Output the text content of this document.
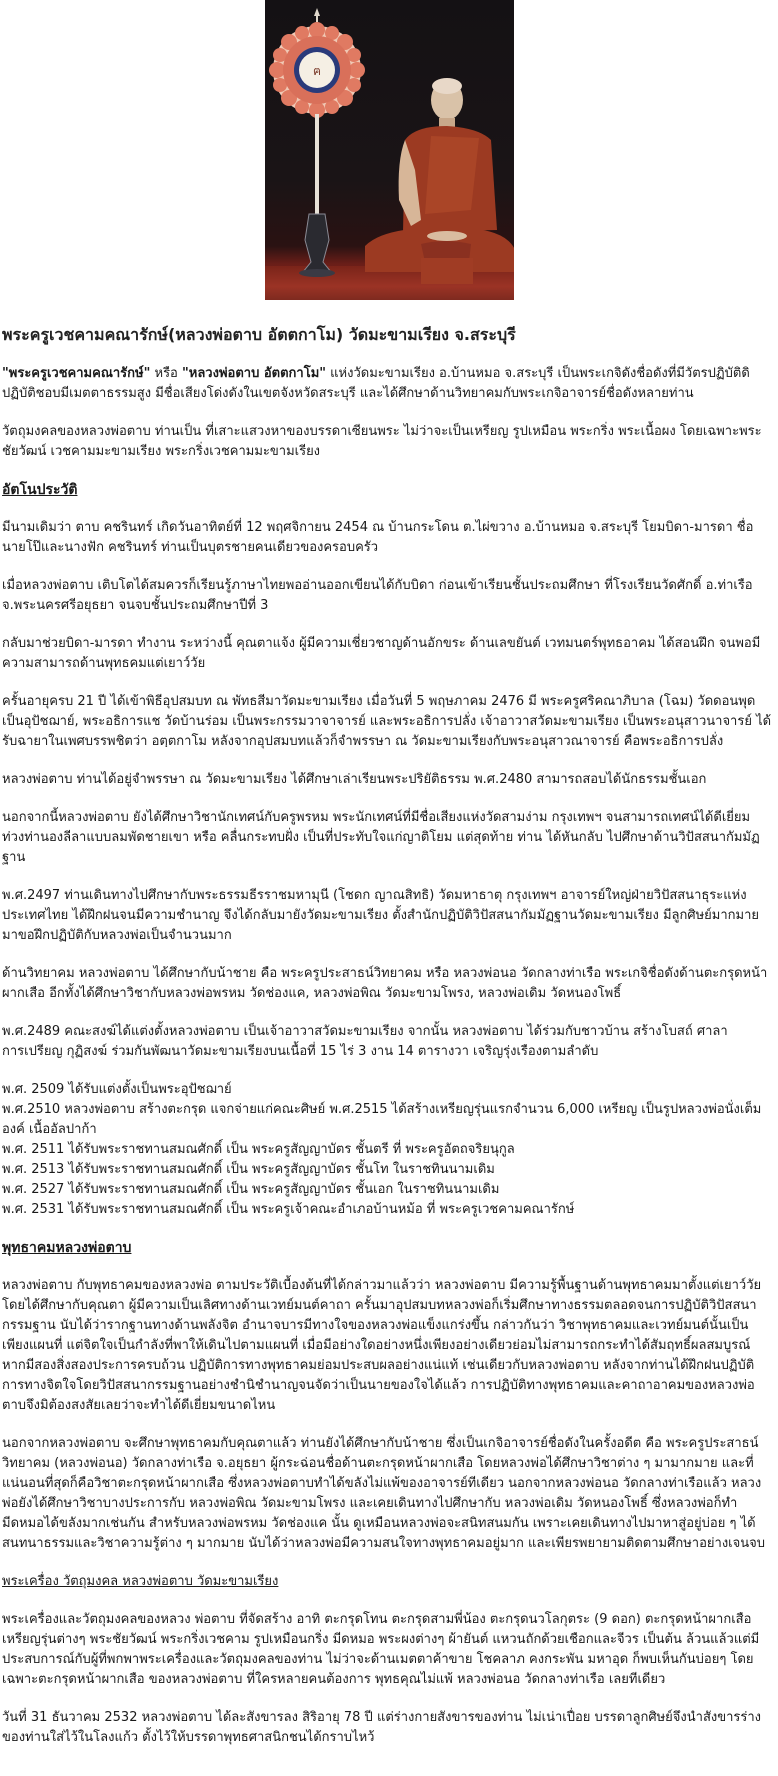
ฅ
พระครูเวชคามคณารักษ์(หลวงพ่อตาบ อัตตกาโม) วัดมะขามเรียง จ.สระบุรี

"พระครูเวชคามคณารักษ์" หรือ "หลวงพ่อตาบ อัตตกาโม" แห่งวัดมะขามเรียง อ.บ้านหมอ จ.สระบุรี เป็นพระเกจิดังชื่อดังที่มีวัตรปฏิบัติดิปฏิบัติชอบมีเมตตาธรรมสูง มีชื่อเสียงโด่งดังในเขตจังหวัดสระบุรี และได้ศึกษาด้านวิทยาคมกับพระเกจิอาจารย์ชื่อดังหลายท่าน

วัตถุมงคลของหลวงพ่อตาบ ท่านเป็น ที่เสาะแสวงหาของบรรดาเซียนพระ ไม่ว่าจะเป็นเหรียญ รูปเหมือน พระกริ่ง พระเนื้อผง โดยเฉพาะพระชัยวัฒน์ เวชคามมะขามเรียง พระกริ่งเวชคามมะขามเรียง

อัตโนประวัติ

มีนามเดิมว่า ตาบ คชรินทร์ เกิดวันอาทิตย์ที่ 12 พฤศจิกายน 2454 ณ บ้านกระโดน ต.ไผ่ขวาง อ.บ้านหมอ จ.สระบุรี โยมบิดา-มารดา ชื่อ นายโป๊และนางฟัก คชรินทร์ ท่านเป็นบุตรชายคนเดียวของครอบครัว

เมื่อหลวงพ่อตาบ เติบโตได้สมควรก็เรียนรู้ภาษาไทยพออ่านออกเขียนได้กับบิดา ก่อนเข้าเรียนชั้นประถมศึกษา ที่โรงเรียนวัดศักดิ์ อ.ท่าเรือ จ.พระนครศรีอยุธยา จนจบชั้นประถมศึกษาปีที่ 3

กลับมาช่วยบิดา-มารดา ทำงาน ระหว่างนี้ คุณตาแจ้ง ผู้มีความเชี่ยวชาญด้านอักขระ ด้านเลขยันต์ เวทมนตร์พุทธอาคม ได้สอนฝึก จนพอมีความสามารถด้านพุทธคมแต่เยาว์วัย

ครั้นอายุครบ 21 ปี ได้เข้าพิธีอุปสมบท ณ พัทธสีมาวัดมะขามเรียง เมื่อวันที่ 5 พฤษภาคม 2476 มี พระครูศริคณาภิบาล (โฉม) วัดดอนพุด เป็นอุปัชฌาย์, พระอธิการแช วัดบ้านร่อม เป็นพระกรรมวาจาจารย์ และพระอธิการปลั่ง เจ้าอาวาสวัดมะขามเรียง เป็นพระอนุสาวนาจารย์ ได้รับฉายาในเพศบรรพชิตว่า อตฺตกาโม หลังจากอุปสมบทแล้วก็จำพรรษา ณ วัดมะขามเรียงกับพระอนุสาวณาจารย์ คือพระอธิการปลั่ง

หลวงพ่อตาบ ท่านได้อยู่จำพรรษา ณ วัดมะขามเรียง ได้ศึกษาเล่าเรียนพระปริยัติธรรม พ.ศ.2480 สามารถสอบได้นักธรรมชั้นเอก

นอกจากนี้หลวงพ่อตาบ ยังได้ศึกษาวิชานักเทศน์กับครูพรหม พระนักเทศน์ที่มีชื่อเสียงแห่งวัดสามง่าม กรุงเทพฯ จนสามารถเทศน์ได้ดีเยี่ยม ท่วงท่านองลีลาแบบลมพัดชายเขา หรือ คลื่นกระทบฝั่ง เป็นที่ประทับใจแก่ญาติโยม แต่สุดท้าย ท่าน ได้หันกลับ ไปศึกษาด้านวิปัสสนากัมมัฏฐาน

พ.ศ.2497 ท่านเดินทางไปศึกษากับพระธรรมธีรราชมหามุนี (โชดก ญาณสิทธิ) วัดมหาธาตุ กรุงเทพฯ อาจารย์ใหญ่ฝ่ายวิปัสสนาธุระแห่งประเทศไทย ได้ฝึกฝนจนมีความชำนาญ จึงได้กลับมายังวัดมะขามเรียง ตั้งสำนักปฏิบัติวิปัสสนากัมมัฏฐานวัดมะขามเรียง มีลูกศิษย์มากมายมาขอฝึกปฏิบัติกับหลวงพ่อเป็นจำนวนมาก

ด้านวิทยาคม หลวงพ่อตาบ ได้ศึกษากับน้าชาย คือ พระครูประสาธน์วิทยาคม หรือ หลวงพ่อนอ วัดกลางท่าเรือ พระเกจิชื่อดังด้านตะกรุดหน้าผากเสือ อีกทั้งได้ศึกษาวิชากับหลวงพ่อพรหม วัดช่องแค, หลวงพ่อพิณ วัดมะขามโพรง, หลวงพ่อเดิม วัดหนองโพธิ์

พ.ศ.2489 คณะสงฆ์ได้แต่งตั้งหลวงพ่อตาบ เป็นเจ้าอาวาสวัดมะขามเรียง จากนั้น หลวงพ่อตาบ ได้ร่วมกับชาวบ้าน สร้างโบสถ์ ศาลาการเปรียญ กุฏิสงฆ์ ร่วมกันพัฒนาวัดมะขามเรียงบนเนื้อที่ 15 ไร่ 3 งาน 14 ตารางวา เจริญรุ่งเรืองตามลำดับ

พ.ศ. 2509 ได้รับแต่งตั้งเป็นพระอุปัชฌาย์
พ.ศ.2510 หลวงพ่อตาบ สร้างตะกรุด แจกจ่ายแก่คณะศิษย์ พ.ศ.2515 ได้สร้างเหรียญรุ่นแรกจำนวน 6,000 เหรียญ เป็นรูปหลวงพ่อนั่งเต็มองค์ เนื้ออัลปาก้า
พ.ศ. 2511 ได้รับพระราชทานสมณศักดิ์ เป็น พระครูสัญญาบัตร ชั้นตรี ที่ พระครูอัตถจริยนุกูล
พ.ศ. 2513 ได้รับพระราชทานสมณศักดิ์ เป็น พระครูสัญญาบัตร ชั้นโท ในราชทินนามเดิม
พ.ศ. 2527 ได้รับพระราชทานสมณศักดิ์ เป็น พระครูสัญญาบัตร ชั้นเอก ในราชทินนามเดิม
พ.ศ. 2531 ได้รับพระราชทานสมณศักดิ์ เป็น พระครูเจ้าคณะอำเภอบ้านหม้อ ที่ พระครูเวชคามคณารักษ์
พุทธาคมหลวงพ่อตาบ

หลวงพ่อตาบ กับพุทธาคมของหลวงพ่อ ตามประวัติเบื้องต้นที่ได้กล่าวมาแล้วว่า หลวงพ่อตาบ มีความรู้พื้นฐานด้านพุทธาคมมาตั้งแต่เยาว์วัยโดยได้ศึกษากับคุณตา ผู้มีความเป็นเลิศทางด้านเวทย์มนต์คาถา ครั้นมาอุปสมบทหลวงพ่อก็เริ่มศึกษาทางธรรมตลอดจนการปฏิบัติวิปัสสนากรรมฐาน นับได้ว่ารากฐานทางด้านพลังจิต อำนาจบารมีทางใจของหลวงพ่อแข็งแกร่งขึ้น กล่าวกันว่า วิชาพุทธาคมและเวทย์มนต์นั้นเป็นเพียงแผนที่ แต่จิตใจเป็นกำลังที่พาให้เดินไปตามแผนที่ เมื่อมีอย่างใดอย่างหนึ่งเพียงอย่างเดียวย่อมไม่สามารถกระทำได้สัมฤทธิ์ผลสมบูรณ์ หากมีสองสิ่งสองประการครบถ้วน ปฏิบัติการทางพุทธาคมย่อมประสบผลอย่างแน่แท้ เช่นเดียวกับหลวงพ่อตาบ หลังจากท่านได้ฝึกฝนปฏิบัติการทางจิตใจโดยวิปัสสนากรรมฐานอย่างชำนิชำนาญจนจัดว่าเป็นนายของใจได้แล้ว การปฏิบัติทางพุทธาคมและคาถาอาคมของหลวงพ่อตาบจึงมิต้องสงสัยเลยว่าจะทำได้ดีเยี่ยมขนาดไหน

นอกจากหลวงพ่อตาบ จะศึกษาพุทธาคมกับคุณตาแล้ว ท่านยังได้ศึกษากับน้าชาย ซึ่งเป็นเกจิอาจารย์ชื่อดังในครั้งอดีต คือ พระครูประสาธน์วิทยาคม (หลวงพ่อนอ) วัดกลางท่าเรือ จ.อยุธยา ผู้กระฉ่อนชื่อด้านตะกรุดหน้าผากเสือ โดยหลวงพ่อได้ศึกษาวิชาต่าง ๆ มามากมาย และที่แน่นอนที่สุดก็คือวิชาตะกรุดหน้าผากเสือ ซึ่งหลวงพ่อตาบทำได้ขลังไม่แพ้ของอาจารย์ทีเดียว นอกจากหลวงพ่อนอ วัดกลางท่าเรือแล้ว หลวงพ่อยังได้ศึกษาวิชาบางประการกับ หลวงพ่อพิณ วัดมะขามโพรง และเคยเดินทางไปศึกษากับ หลวงพ่อเดิม วัดหนองโพธิ์ ซึ่งหลวงพ่อก็ทำมีดหมอได้ขลังมากเช่นกัน สำหรับหลวงพ่อพรหม วัดช่องแค นั้น ดูเหมือนหลวงพ่อจะสนิทสนมกัน เพราะเคยเดินทางไปมาหาสู่อยู่บ่อย ๆ ได้สนทนาธรรมและวิชาความรู้ต่าง ๆ มากมาย นับได้ว่าหลวงพ่อมีความสนใจทางพุทธาคมอยู่มาก และเพียรพยายามติดตามศึกษาอย่างเจนจบ

พระเครื่อง วัตถุมงคล หลวงพ่อตาบ วัดมะขามเรียง

พระเครื่องและวัตถุมงคลของหลวง พ่อตาบ ที่จัดสร้าง อาทิ ตะกรุดโทน ตะกรุดสามพี่น้อง ตะกรุดนวโลกุตระ (9 ดอก) ตะกรุดหน้าผากเสือ เหรียญรุ่นต่างๆ พระชัยวัฒน์ พระกริ่งเวชคาม รูปเหมือนกริ่ง มีดหมอ พระผงต่างๆ ผ้ายันต์ แหวนถักด้วยเชือกและจีวร เป็นต้น ล้วนแล้วแต่มีประสบการณ์กับผู้ที่พกพาพระเครื่องและวัตถุมงคลของท่าน ไม่ว่าจะด้านเมตตาค้าขาย โชคลาภ คงกระพัน มหาอุด ก็พบเห็นกันบ่อยๆ โดยเฉพาะตะกรุดหน้าผากเสือ ของหลวงพ่อตาบ ที่ใครหลายคนต้องการ พุทธคุณไม่แพ้ หลวงพ่อนอ วัดกลางท่าเรือ เลยทีเดียว

วันที่ 31 ธันวาคม 2532 หลวงพ่อตาบ ได้ละสังขารลง สิริอายุ 78 ปี แต่ร่างกายสังขารของท่าน ไม่เน่าเปื่อย บรรดาลูกศิษย์จึงนำสังขารร่างของท่านใส่ไว้ในโลงแก้ว ตั้งไว้ให้บรรดาพุทธศาสนิกชนได้กราบไหว้
